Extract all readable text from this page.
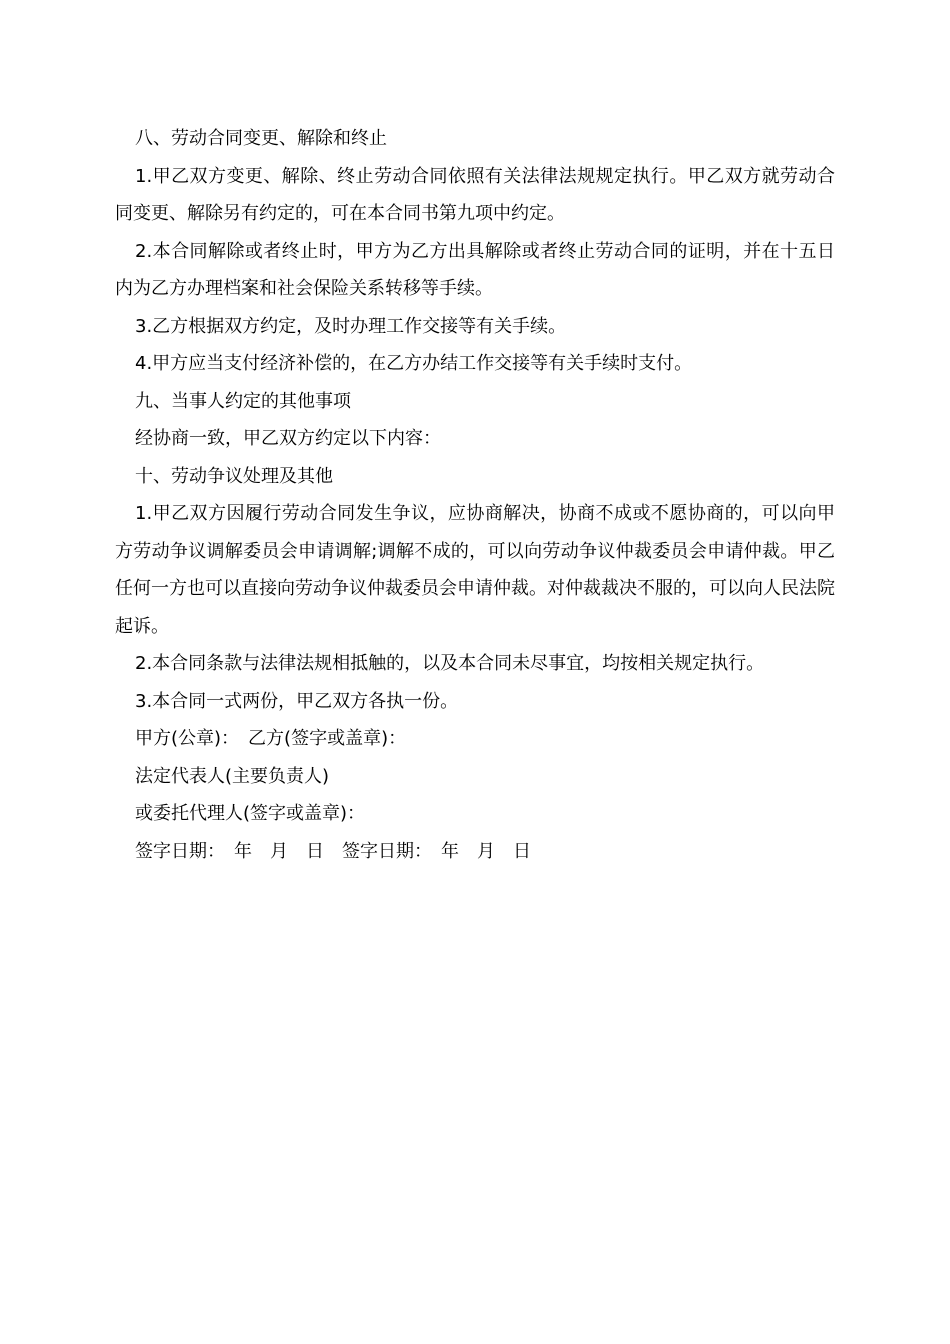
八、劳动合同变更、解除和终止

1.甲乙双方变更、解除、终止劳动合同依照有关法律法规规定执行。甲乙双方就劳动合同变更、解除另有约定的，可在本合同书第九项中约定。

2.本合同解除或者终止时，甲方为乙方出具解除或者终止劳动合同的证明，并在十五日内为乙方办理档案和社会保险关系转移等手续。

3.乙方根据双方约定，及时办理工作交接等有关手续。

4.甲方应当支付经济补偿的，在乙方办结工作交接等有关手续时支付。

九、当事人约定的其他事项

经协商一致，甲乙双方约定以下内容：

十、劳动争议处理及其他

1.甲乙双方因履行劳动合同发生争议，应协商解决，协商不成或不愿协商的，可以向甲方劳动争议调解委员会申请调解;调解不成的，可以向劳动争议仲裁委员会申请仲裁。甲乙任何一方也可以直接向劳动争议仲裁委员会申请仲裁。对仲裁裁决不服的，可以向人民法院起诉。

2.本合同条款与法律法规相抵触的，以及本合同未尽事宜，均按相关规定执行。

3.本合同一式两份，甲乙双方各执一份。

甲方(公章)：　乙方(签字或盖章)：

法定代表人(主要负责人)

或委托代理人(签字或盖章)：

签字日期：　年　月　日　签字日期：　年　月　日
